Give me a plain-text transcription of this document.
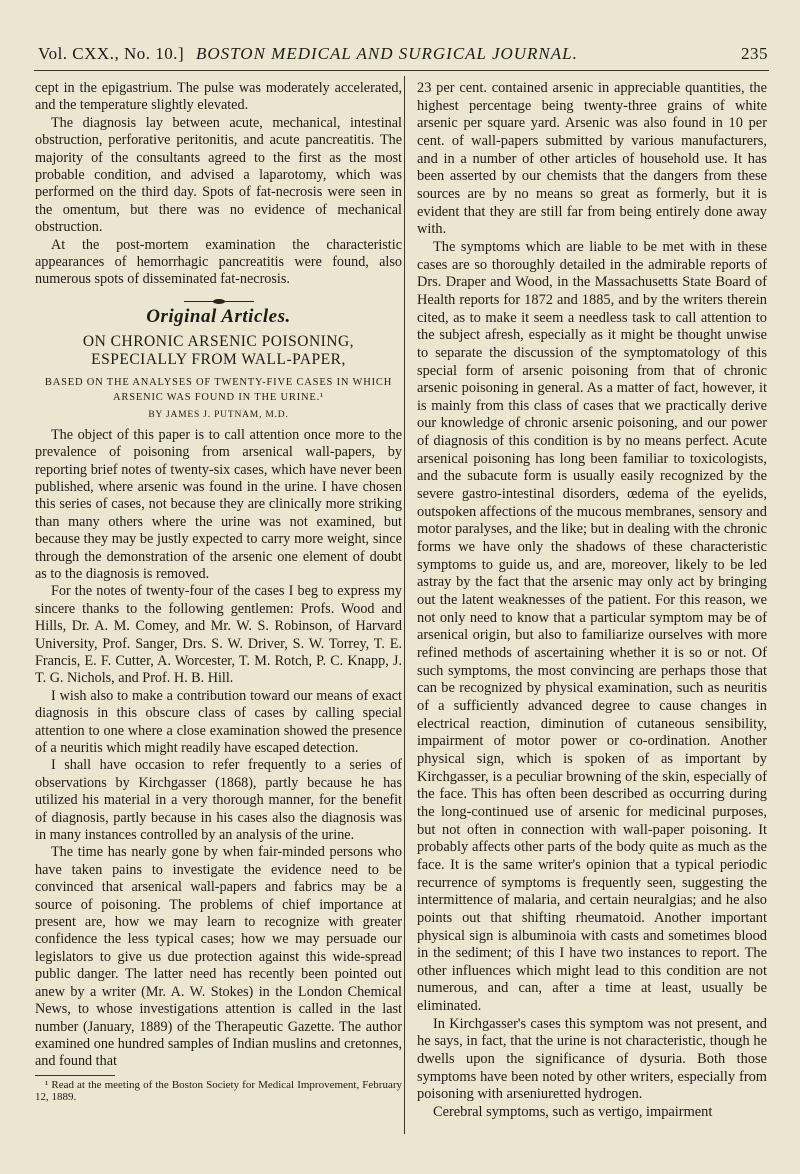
Vol. CXX., No. 10.] BOSTON MEDICAL AND SURGICAL JOURNAL.	235

cept in the epigastrium. The pulse was moderately accelerated, and the temperature slightly elevated.

The diagnosis lay between acute, mechanical, intestinal obstruction, perforative peritonitis, and acute pancreatitis. The majority of the consultants agreed to the first as the most probable condition, and advised a laparotomy, which was performed on the third day. Spots of fat-necrosis were seen in the omentum, but there was no evidence of mechanical obstruction.

At the post-mortem examination the characteristic appearances of hemorrhagic pancreatitis were found, also numerous spots of disseminated fat-necrosis.

Original Articles.
ON CHRONIC ARSENIC POISONING, ESPECIALLY FROM WALL-PAPER,
BASED ON THE ANALYSES OF TWENTY-FIVE CASES IN WHICH ARSENIC WAS FOUND IN THE URINE.¹
BY JAMES J. PUTNAM, M.D.

The object of this paper is to call attention once more to the prevalence of poisoning from arsenical wall-papers, by reporting brief notes of twenty-six cases, which have never been published, where arsenic was found in the urine. I have chosen this series of cases, not because they are clinically more striking than many others where the urine was not examined, but because they may be justly expected to carry more weight, since through the demonstration of the arsenic one element of doubt as to the diagnosis is removed.

For the notes of twenty-four of the cases I beg to express my sincere thanks to the following gentlemen: Profs. Wood and Hills, Dr. A. M. Comey, and Mr. W. S. Robinson, of Harvard University, Prof. Sanger, Drs. S. W. Driver, S. W. Torrey, T. E. Francis, E. F. Cutter, A. Worcester, T. M. Rotch, P. C. Knapp, J. T. G. Nichols, and Prof. H. B. Hill.

I wish also to make a contribution toward our means of exact diagnosis in this obscure class of cases by calling special attention to one where a close examination showed the presence of a neuritis which might readily have escaped detection.

I shall have occasion to refer frequently to a series of observations by Kirchgasser (1868), partly because he has utilized his material in a very thorough manner, for the benefit of diagnosis, partly because in his cases also the diagnosis was in many instances controlled by an analysis of the urine.

The time has nearly gone by when fair-minded persons who have taken pains to investigate the evidence need to be convinced that arsenical wall-papers and fabrics may be a source of poisoning. The problems of chief importance at present are, how we may learn to recognize with greater confidence the less typical cases; how we may persuade our legislators to give us due protection against this wide-spread public danger. The latter need has recently been pointed out anew by a writer (Mr. A. W. Stokes) in the London Chemical News, to whose investigations attention is called in the last number (January, 1889) of the Therapeutic Gazette. The author examined one hundred samples of Indian muslins and cretonnes, and found that

¹ Read at the meeting of the Boston Society for Medical Improvement, February 12, 1889.

23 per cent. contained arsenic in appreciable quantities, the highest percentage being twenty-three grains of white arsenic per square yard. Arsenic was also found in 10 per cent. of wall-papers submitted by various manufacturers, and in a number of other articles of household use. It has been asserted by our chemists that the dangers from these sources are by no means so great as formerly, but it is evident that they are still far from being entirely done away with.

The symptoms which are liable to be met with in these cases are so thoroughly detailed in the admirable reports of Drs. Draper and Wood, in the Massachusetts State Board of Health reports for 1872 and 1885, and by the writers therein cited, as to make it seem a needless task to call attention to the subject afresh, especially as it might be thought unwise to separate the discussion of the symptomatology of this special form of arsenic poisoning from that of chronic arsenic poisoning in general. As a matter of fact, however, it is mainly from this class of cases that we practically derive our knowledge of chronic arsenic poisoning, and our power of diagnosis of this condition is by no means perfect. Acute arsenical poisoning has long been familiar to toxicologists, and the subacute form is usually easily recognized by the severe gastro-intestinal disorders, œdema of the eyelids, outspoken affections of the mucous membranes, sensory and motor paralyses, and the like; but in dealing with the chronic forms we have only the shadows of these characteristic symptoms to guide us, and are, moreover, likely to be led astray by the fact that the arsenic may only act by bringing out the latent weaknesses of the patient. For this reason, we not only need to know that a particular symptom may be of arsenical origin, but also to familiarize ourselves with more refined methods of ascertaining whether it is so or not. Of such symptoms, the most convincing are perhaps those that can be recognized by physical examination, such as neuritis of a sufficiently advanced degree to cause changes in electrical reaction, diminution of cutaneous sensibility, impairment of motor power or co-ordination. Another physical sign, which is spoken of as important by Kirchgasser, is a peculiar browning of the skin, especially of the face. This has often been described as occurring during the long-continued use of arsenic for medicinal purposes, but not often in connection with wall-paper poisoning. It probably affects other parts of the body quite as much as the face. It is the same writer's opinion that a typical periodic recurrence of symptoms is frequently seen, suggesting the intermittence of malaria, and certain neuralgias; and he also points out that shifting rheumatoid. Another important physical sign is albuminoia with casts and sometimes blood in the sediment; of this I have two instances to report. The other influences which might lead to this condition are not numerous, and can, after a time at least, usually be eliminated.

In Kirchgasser's cases this symptom was not present, and he says, in fact, that the urine is not characteristic, though he dwells upon the significance of dysuria. Both those symptoms have been noted by other writers, especially from poisoning with arseniuretted hydrogen.

Cerebral symptoms, such as vertigo, impairment
